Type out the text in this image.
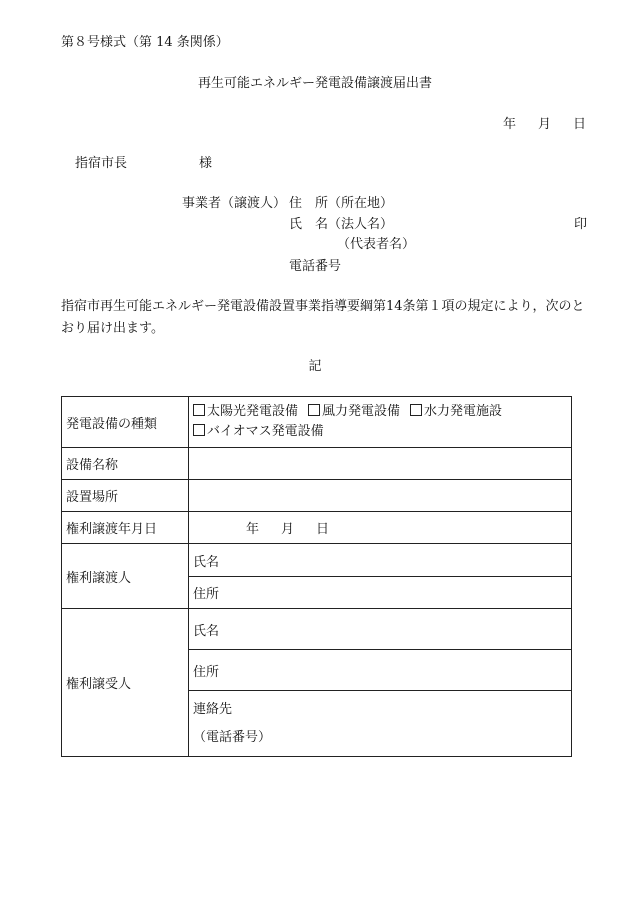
第８号様式（第 14 条関係）
再生可能エネルギー発電設備譲渡届出書
年 月 日
指宿市長	様
事業者（譲渡人） 住　所（所在地）
氏　名（法人名）
（代表者名）
電話番号
印
指宿市再生可能エネルギー発電設備設置事業指導要綱第14条第１項の規定により，次のとおり届け出ます。
記
発電設備の種類	太陽光発電設備 風力発電設備 水力発電施設
バイオマス発電設備
設備名称	
設置場所	
権利譲渡年月日	年 月 日
権利譲渡人	氏名
	住所
権利譲受人	氏名
	住所
	連絡先
（電話番号）
